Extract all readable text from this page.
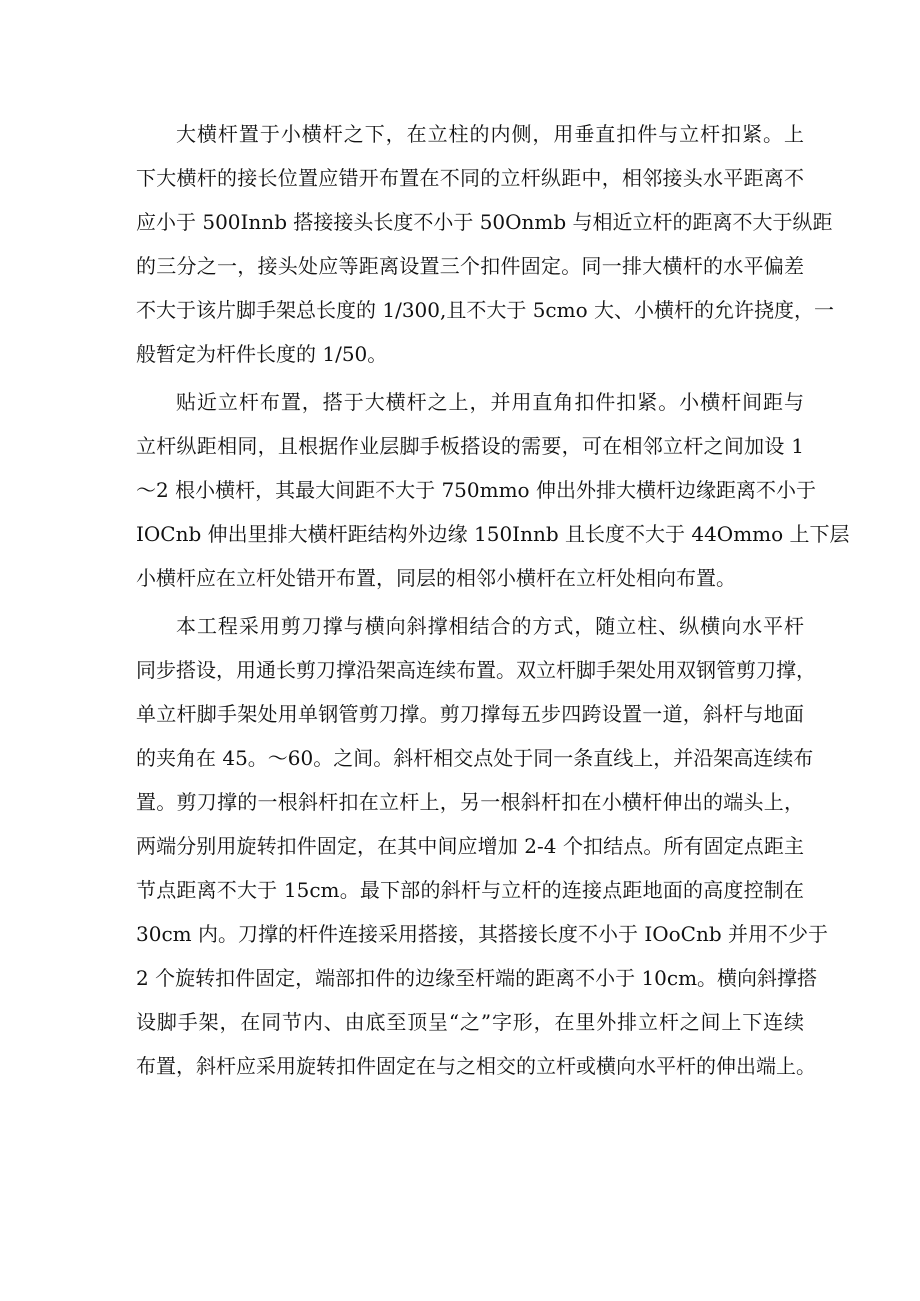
大横杆置于小横杆之下，在立柱的内侧，用垂直扣件与立杆扣紧。上
下大横杆的接长位置应错开布置在不同的立杆纵距中，相邻接头水平距离不
应小于 500Innb 搭接接头长度不小于 50Onmb 与相近立杆的距离不大于纵距
的三分之一，接头处应等距离设置三个扣件固定。同一排大横杆的水平偏差
不大于该片脚手架总长度的 1/300,且不大于 5cmo 大、小横杆的允许挠度，一
般暂定为杆件长度的 1/50。
贴近立杆布置，搭于大横杆之上，并用直角扣件扣紧。小横杆间距与
立杆纵距相同，且根据作业层脚手板搭设的需要，可在相邻立杆之间加设 1
～2 根小横杆，其最大间距不大于 750mmo 伸出外排大横杆边缘距离不小于
IOCnb 伸出里排大横杆距结构外边缘 150Innb 且长度不大于 44Ommo 上下层
小横杆应在立杆处错开布置，同层的相邻小横杆在立杆处相向布置。
本工程采用剪刀撑与横向斜撑相结合的方式，随立柱、纵横向水平杆
同步搭设，用通长剪刀撑沿架高连续布置。双立杆脚手架处用双钢管剪刀撑，
单立杆脚手架处用单钢管剪刀撑。剪刀撑每五步四跨设置一道，斜杆与地面
的夹角在 45。～60。之间。斜杆相交点处于同一条直线上，并沿架高连续布
置。剪刀撑的一根斜杆扣在立杆上，另一根斜杆扣在小横杆伸出的端头上，
两端分别用旋转扣件固定，在其中间应增加 2-4 个扣结点。所有固定点距主
节点距离不大于 15cm。最下部的斜杆与立杆的连接点距地面的高度控制在
30cm 内。刀撑的杆件连接采用搭接，其搭接长度不小于 IOoCnb 并用不少于
2 个旋转扣件固定，端部扣件的边缘至杆端的距离不小于 10cm。横向斜撑搭
设脚手架，在同节内、由底至顶呈“之”字形，在里外排立杆之间上下连续
布置，斜杆应采用旋转扣件固定在与之相交的立杆或横向水平杆的伸出端上。
